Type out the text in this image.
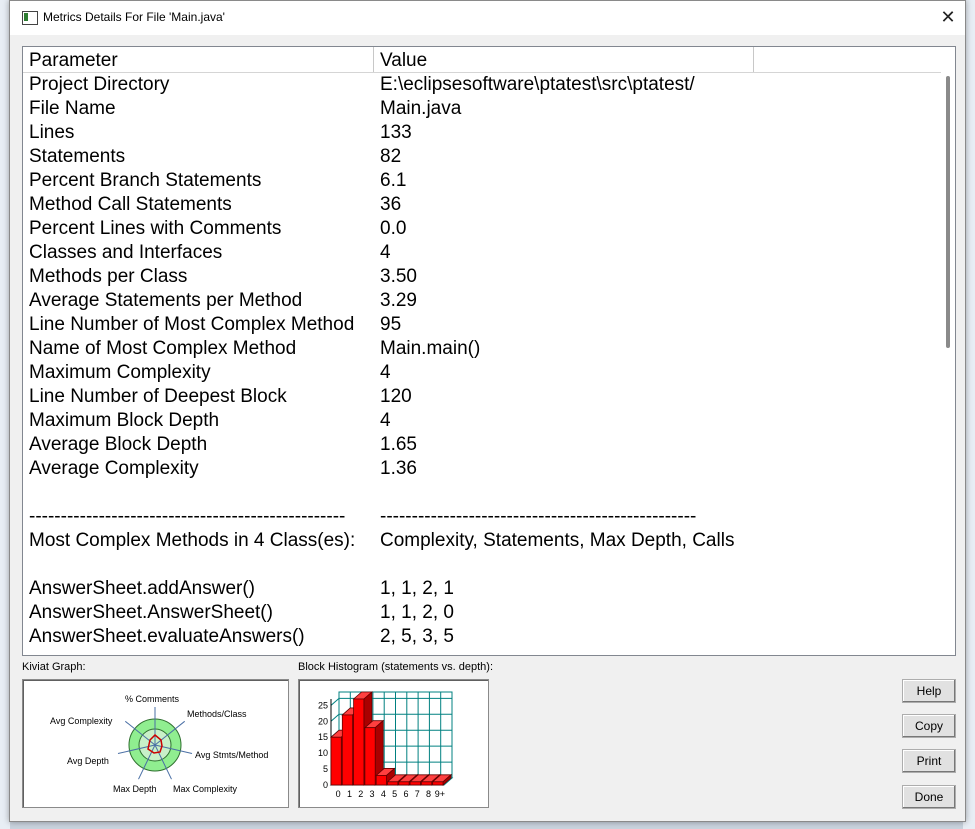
Metrics Details For File 'Main.java'	✕
Parameter	Value
Project Directory	E:\eclipsesoftware\ptatest\src\ptatest/
File Name	Main.java
Lines	133
Statements	82
Percent Branch Statements	6.1
Method Call Statements	36
Percent Lines with Comments	0.0
Classes and Interfaces	4
Methods per Class	3.50
Average Statements per Method	3.29
Line Number of Most Complex Method 95
Name of Most Complex Method	Main.main()
Maximum Complexity	4
Line Number of Deepest Block	120
Maximum Block Depth	4
Average Block Depth	1.65
Average Complexity	1.36
-------------------------------------------------- --------------------------------------------------
Most Complex Methods in 4 Class(es): Complexity, Statements, Max Depth, Calls
AnswerSheet.addAnswer()	1, 1, 2, 1
AnswerSheet.AnswerSheet()	1, 1, 2, 0
AnswerSheet.evaluateAnswers()	2, 5, 3, 5
Kiviat Graph:
% Comments
Methods/Class
Avg Stmts/Method
Max Complexity
Max Depth
Avg Depth
Avg Complexity
Block Histogram (statements vs. depth):
0
5
10
15
20
25
0 1 2 3 4 5 6 7 8 9+
Help
Copy
Print
Done
